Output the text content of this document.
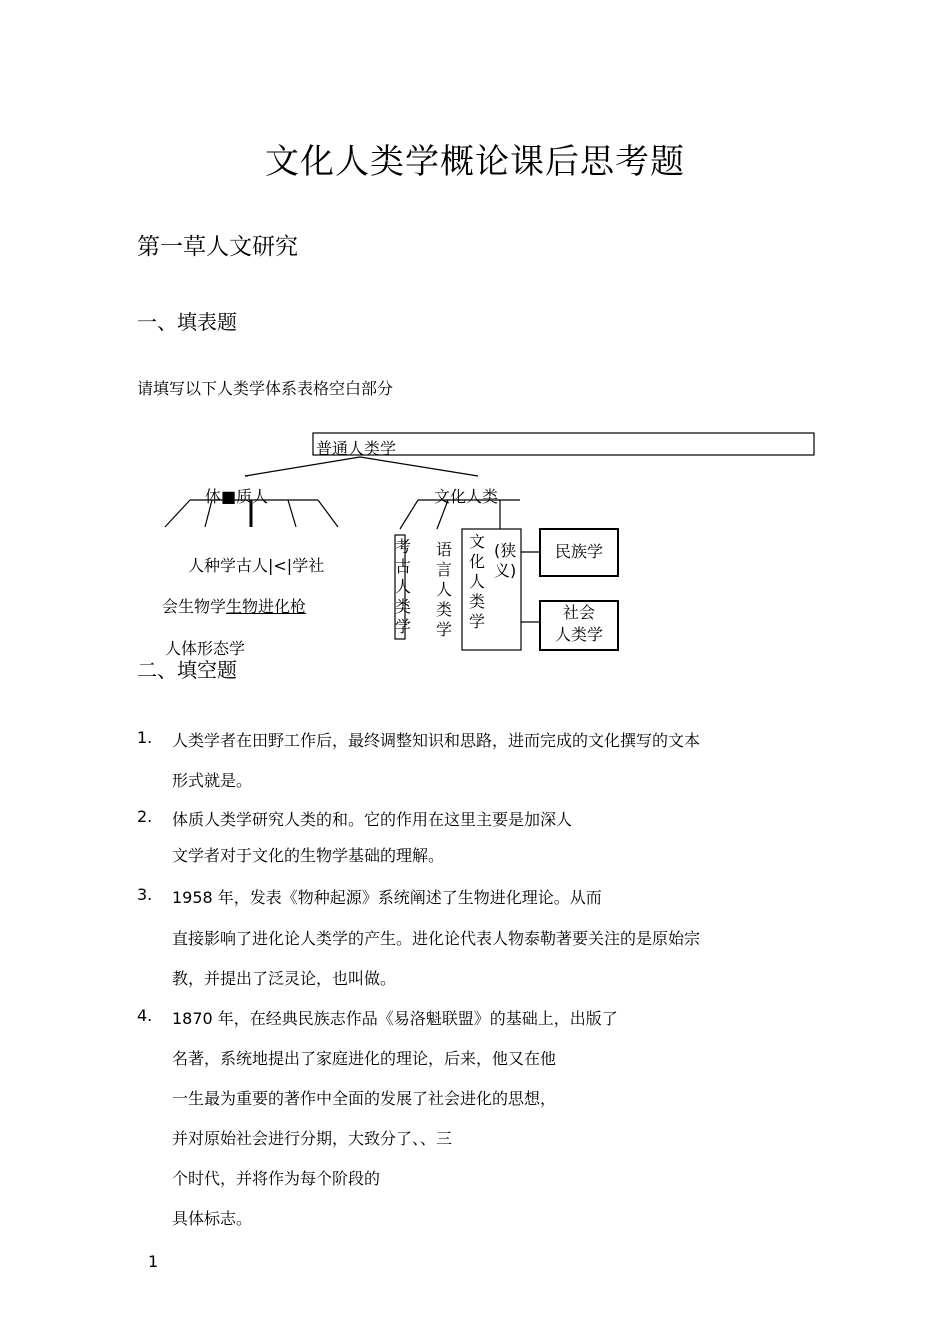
文化人类学概论课后思考题
第一草人文研究
一、填表题
请填写以下人类学体系表格空白部分
普通人类学
体■质人	文化人类
人种学古人|<|学社
会生物学生物进化枪
人体形态学
考古人类学
语言人类学
文化人类学
(狭义)
民族学
社会
人类学
二、填空题
1. 人类学者在田野工作后，最终调整知识和思路，进而完成的文化撰写的文本
形式就是。
2. 体质人类学研究人类的和。它的作用在这里主要是加深人
文学者对于文化的生物学基础的理解。
3. 1958 年，发表《物种起源》系统阐述了生物进化理论。从而
直接影响了进化论人类学的产生。进化论代表人物泰勒著要关注的是原始宗
教，并提出了泛灵论，也叫做。
4. 1870 年，在经典民族志作品《易洛魁联盟》的基础上，出版了
名著，系统地提出了家庭进化的理论，后来，他又在他
一生最为重要的著作中全面的发展了社会进化的思想，
并对原始社会进行分期，大致分了、、三
个时代，并将作为每个阶段的
具体标志。
1
